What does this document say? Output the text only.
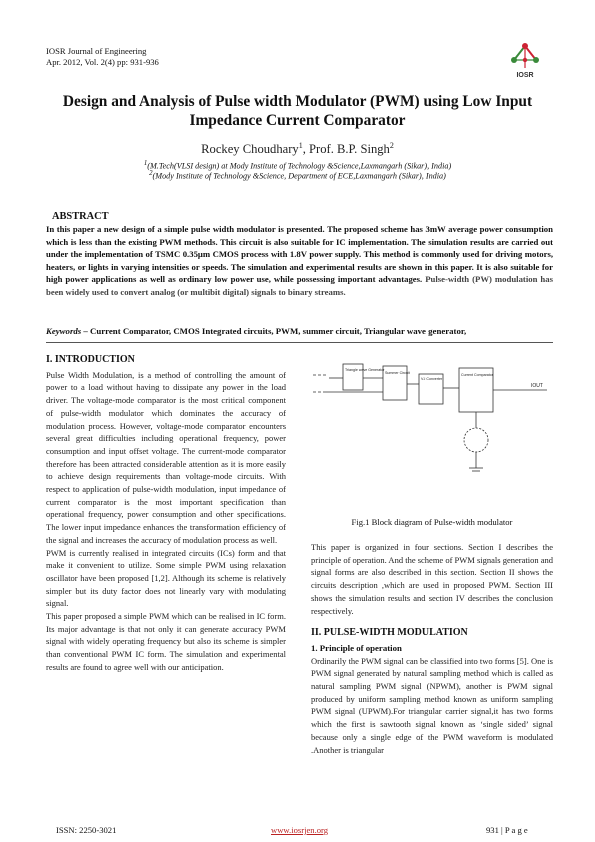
IOSR Journal of Engineering
Apr. 2012, Vol. 2(4) pp: 931-936
IOSR
Design and Analysis of Pulse width Modulator (PWM) using Low Input
Impedance Current Comparator
Rockey Choudhary$^1$, Prof. B.P. Singh$^2$
$^1$(M.Tech(VLSI design) at Mody Institute of Technology &Science,Laxmangarh (Sikar), India)
$^2$(Mody Institute of Technology &Science, Department of ECE,Laxmangarh (Sikar), India)
ABSTRACT
In this paper a new design of a simple pulse width modulator is presented. The proposed scheme has 3mW average power consumption which is less than the existing PWM methods. This circuit is also suitable for IC implementation. The simulation results are carried out under the implementation of TSMC 0.35μm CMOS process with 1.8V power supply. This method is commonly used for driving motors, heaters, or lights in varying intensities or speeds. The simulation and experimental results are shown in this paper. It is also suitable for high power applications as well as ordinary low power use, while possessing important advantages. Pulse-width (PW) modulation has been widely used to convert analog (or multibit digital) signals to binary streams.
Keywords – Current Comparator, CMOS Integrated circuits, PWM, summer circuit, Triangular wave generator,

I. INTRODUCTION

Pulse Width Modulation, is a method of controlling the amount of power to a load without having to dissipate any power in the load driver. The voltage-mode comparator is the most critical component of pulse-width modulator which dominates the accuracy of modulation process. However, voltage-mode comparator encounters several great difficulties including operational frequency, power consumption and input offset voltage. The current-mode comparator therefore has been attracted considerable attention as it is more easily to achieve design requirements than voltage-mode circuits. With respect to application of pulse-width modulation, input impedance of current comparator is the most important specification than operational frequency, power consumption and other specifications. The lower input impedance enhances the transformation efficiency of the signal and increases the accuracy of modulation process as well.

PWM is currently realised in integrated circuits (ICs) form and that make it convenient to utilize. Some simple PWM using relaxation oscillator have been proposed [1,2]. Although its scheme is relatively simpler but its duty factor does not linearly vary with modulating signal.

This paper proposed a simple PWM which can be realised in IC form. Its major advantage is that not only it can generate accuracy PWM signal with widely operating frequency but also its scheme is simpler than conventional PWM IC form. The simulation and experimental results are found to agree well with our anticipation.

Triangle wave Generator
Summer Circuit
V-I Converter
Current Comparator
IOUT
Fig.1 Block diagram of Pulse-width modulator

This paper is organized in four sections. Section I describes the principle of operation. And the scheme of PWM signals generation and signal forms are also described in this section. Section II shows the circuits description ,which are used in proposed PWM. Section III shows the simulation results and section IV describes the conclusion respectively.

II. PULSE-WIDTH MODULATION

1. Principle of operation

Ordinarily the PWM signal can be classified into two forms [5]. One is PWM signal generated by natural sampling method which is called as natural sampling PWM signal (NPWM), another is PWM signal produced by uniform sampling method known as uniform sampling PWM signal (UPWM).For triangular carrier signal,it has two forms which the first is sawtooth signal known as ‘single sided’ signal because only a single edge of the PWM waveform is modulated .Another is triangular

ISSN: 2250-3021	www.iosrjen.org	931 | P a g e
